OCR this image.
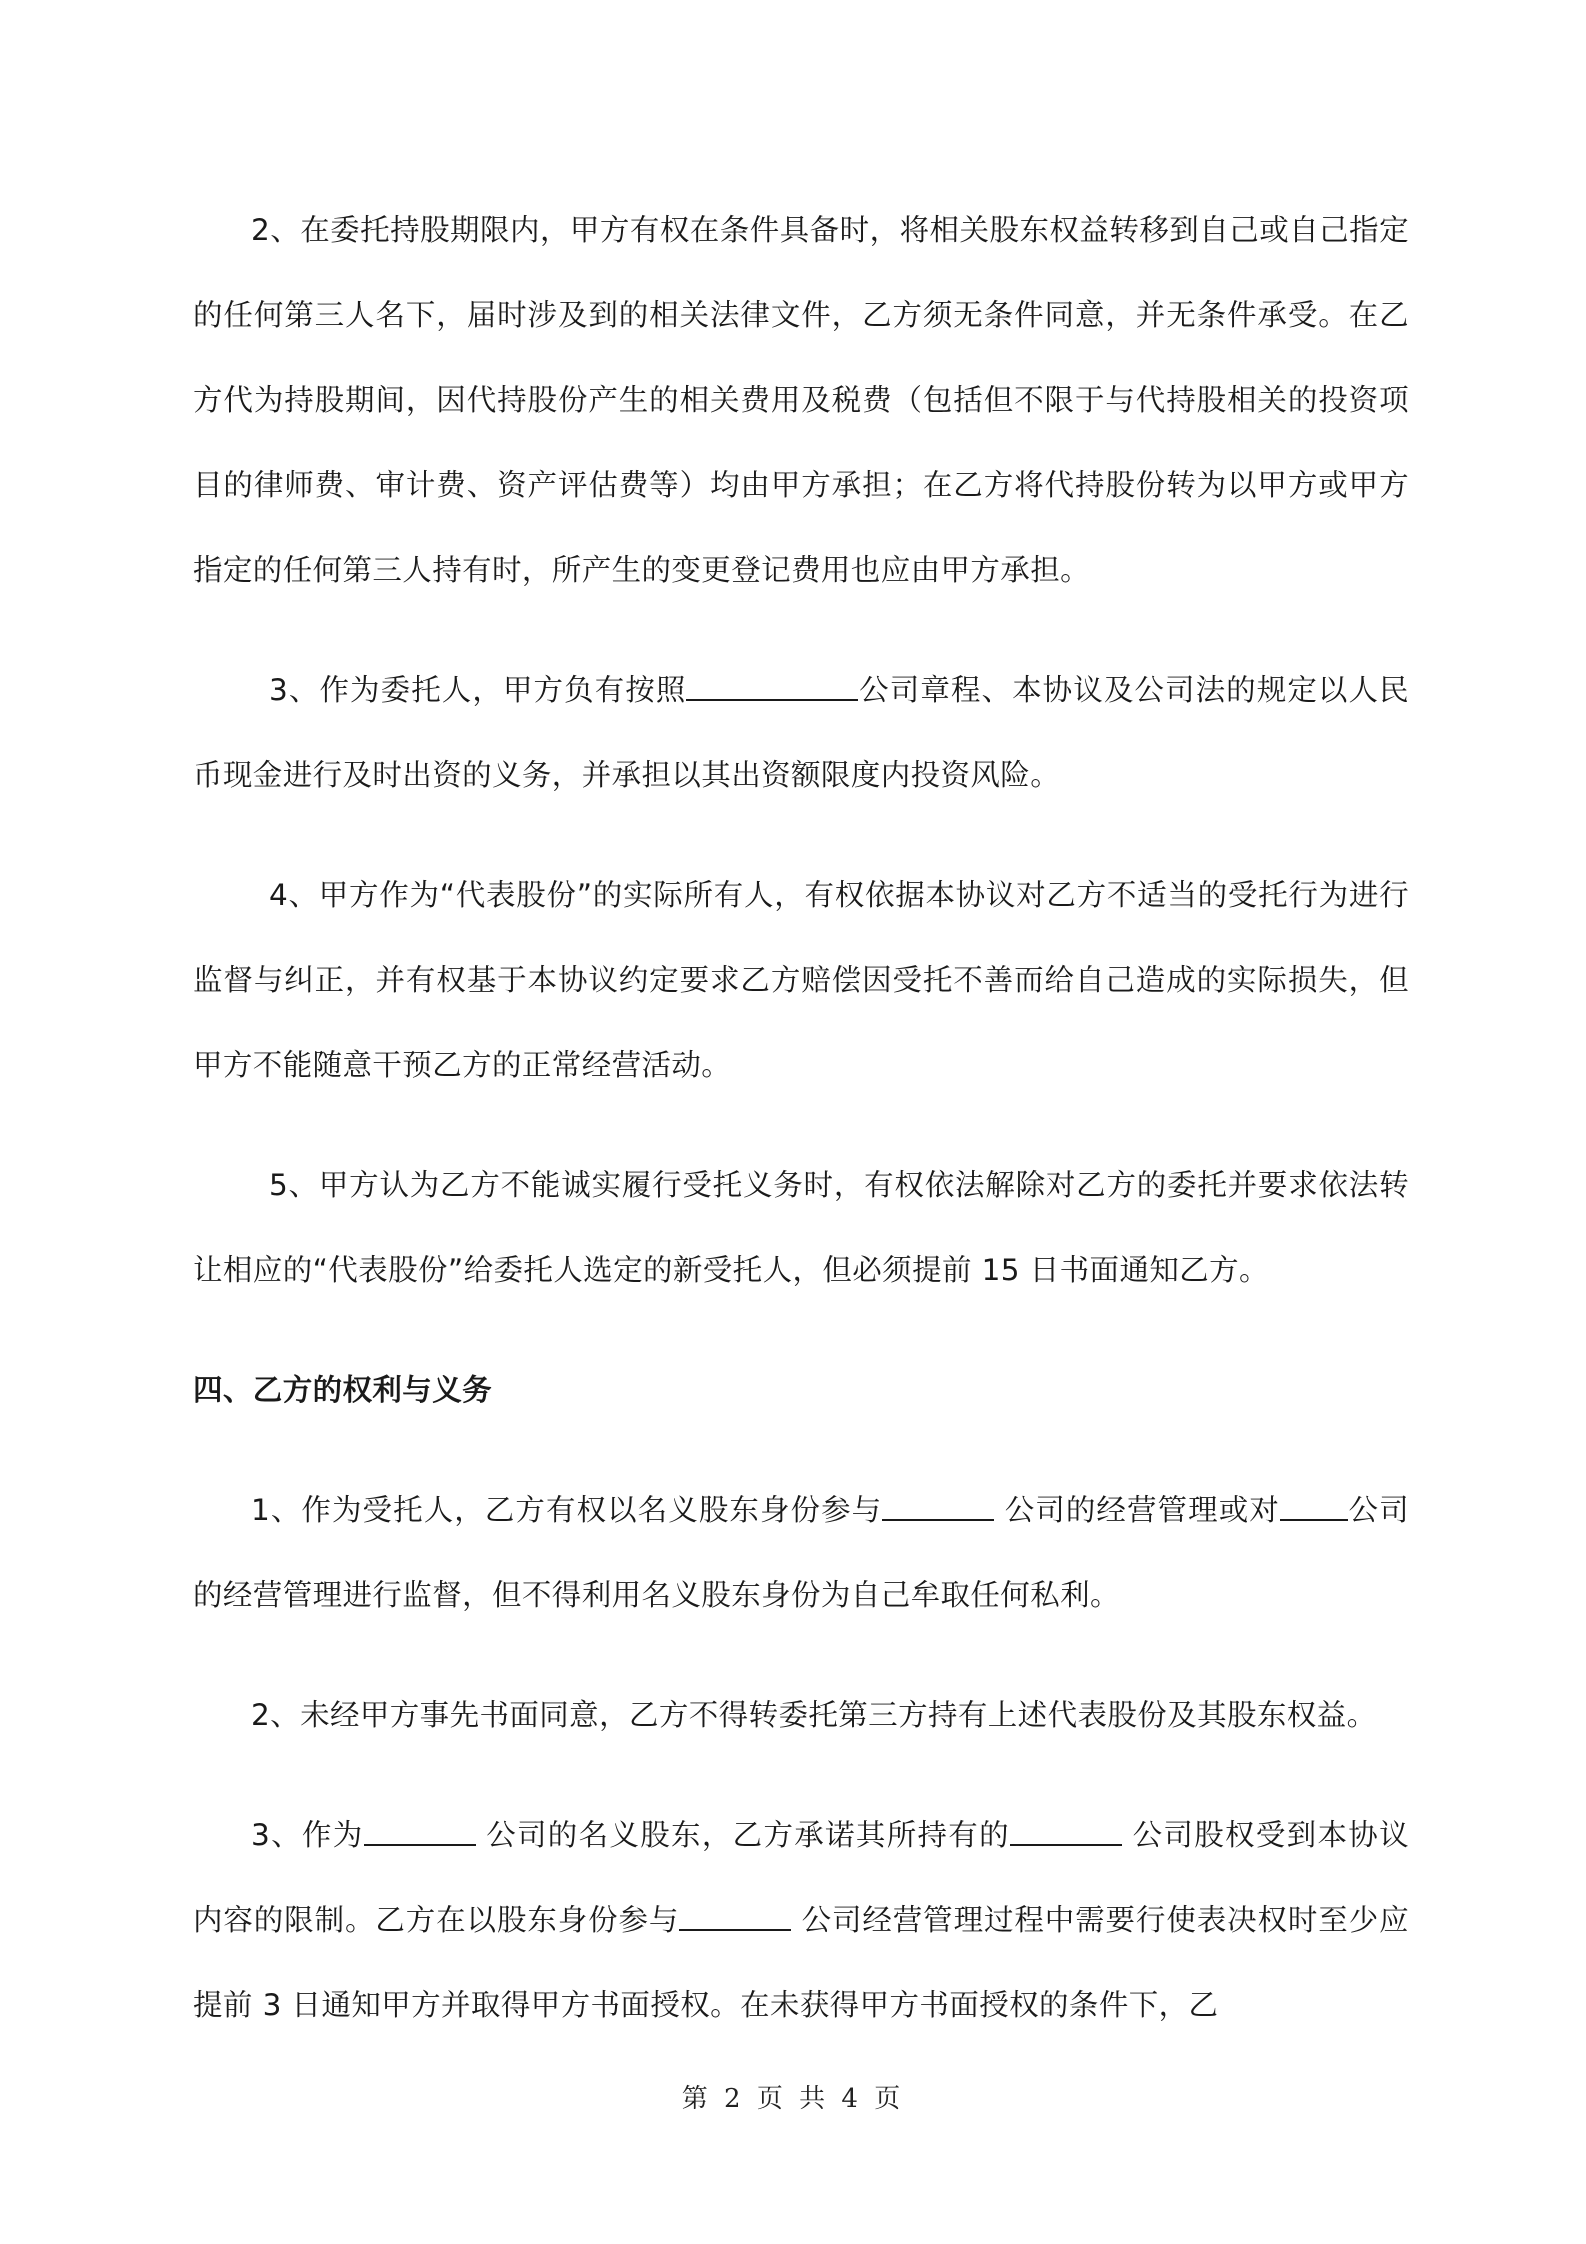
2、在委托持股期限内，甲方有权在条件具备时，将相关股东权益转移到自己或自己指定的任何第三人名下，届时涉及到的相关法律文件，乙方须无条件同意，并无条件承受。在乙方代为持股期间，因代持股份产生的相关费用及税费（包括但不限于与代持股相关的投资项目的律师费、审计费、资产评估费等）均由甲方承担；在乙方将代持股份转为以甲方或甲方指定的任何第三人持有时，所产生的变更登记费用也应由甲方承担。

3、作为委托人，甲方负有按照	公司章程、本协议及公司法的规定以人民币现金进行及时出资的义务，并承担以其出资额限度内投资风险。

4、甲方作为“代表股份”的实际所有人，有权依据本协议对乙方不适当的受托行为进行监督与纠正，并有权基于本协议约定要求乙方赔偿因受托不善而给自己造成的实际损失，但甲方不能随意干预乙方的正常经营活动。

5、甲方认为乙方不能诚实履行受托义务时，有权依法解除对乙方的委托并要求依法转让相应的“代表股份”给委托人选定的新受托人，但必须提前 15 日书面通知乙方。

四、乙方的权利与义务

1、作为受托人，乙方有权以名义股东身份参与	公司的经营管理或对 公司的经营管理进行监督，但不得利用名义股东身份为自己牟取任何私利。

2、未经甲方事先书面同意，乙方不得转委托第三方持有上述代表股份及其股东权益。

3、作为	公司的名义股东，乙方承诺其所持有的	公司股权受到本协议内容的限制。乙方在以股东身份参与	公司经营管理过程中需要行使表决权时至少应提前 3 日通知甲方并取得甲方书面授权。在未获得甲方书面授权的条件下，乙

第 2 页 共 4 页
